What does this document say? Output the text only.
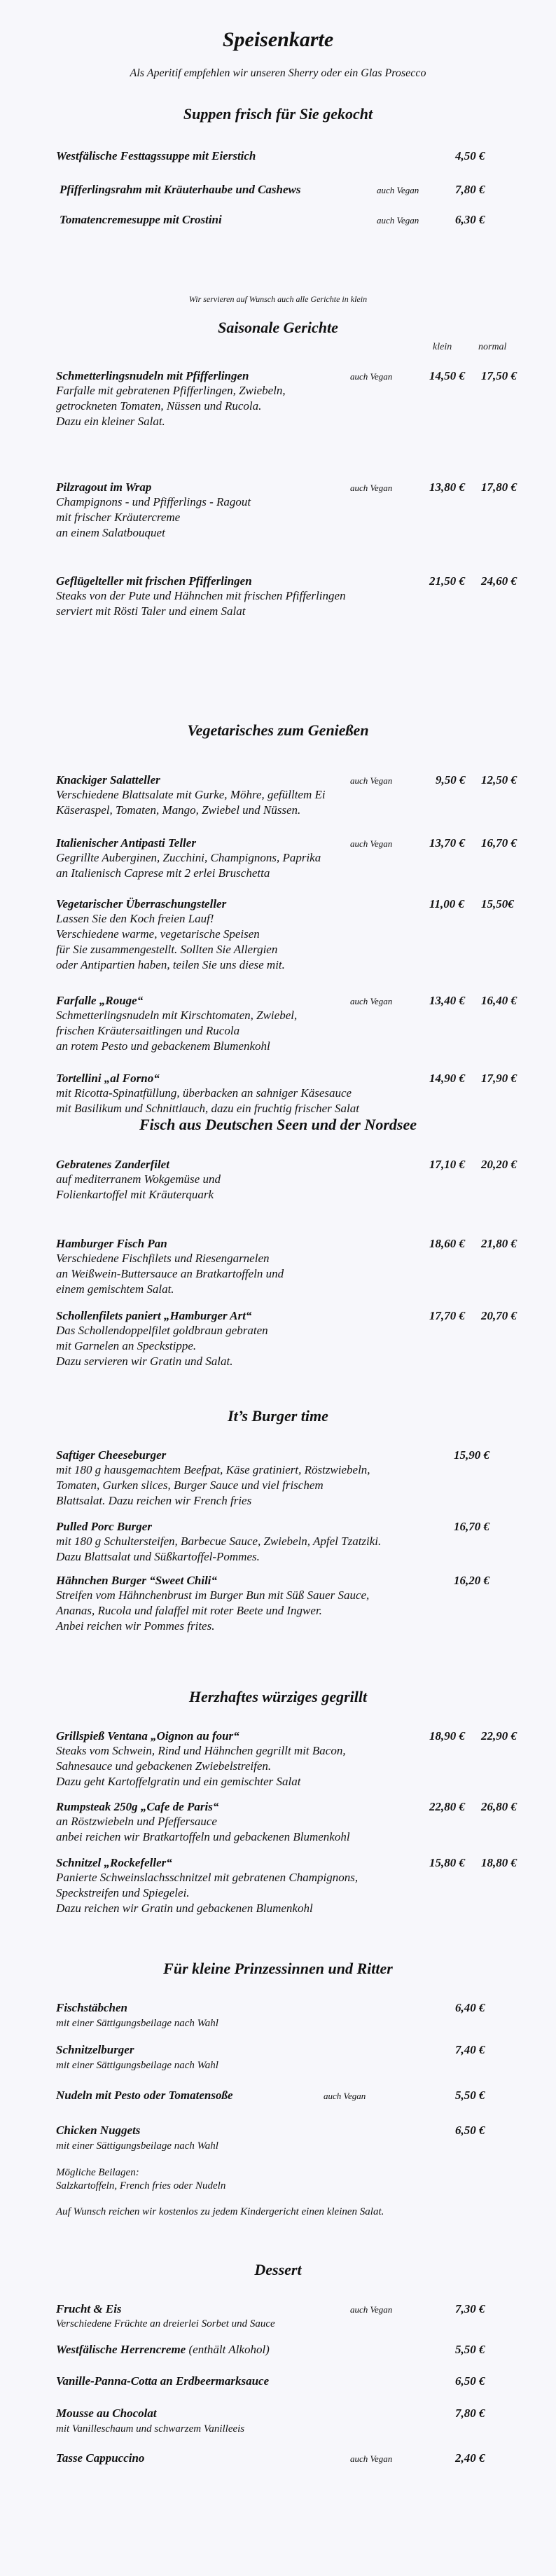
Speisenkarte
Als Aperitif empfehlen wir unseren Sherry oder ein Glas Prosecco
Suppen frisch für Sie gekocht
Westfälische Festtagssuppe mit Eierstich	4,50 €
Pfifferlingsrahm mit Kräuterhaube und Cashews	auch Vegan	7,80 €
Tomatencremesuppe mit Crostini	auch Vegan	6,30 €
Wir servieren auf Wunsch auch alle Gerichte in klein
Saisonale Gerichte
klein	normal
Schmetterlingsnudeln mit Pfifferlingen	auch Vegan	14,50 € 17,50 €
Farfalle mit gebratenen Pfifferlingen, Zwiebeln,
getrockneten Tomaten, Nüssen und Rucola.
Dazu ein kleiner Salat.
Pilzragout im Wrap	auch Vegan	13,80 € 17,80 €
Champignons - und Pfifferlings - Ragout
mit frischer Kräutercreme
an einem Salatbouquet
Geflügelteller mit frischen Pfifferlingen	21,50 € 24,60 €
Steaks von der Pute und Hähnchen mit frischen Pfifferlingen
serviert mit Rösti Taler und einem Salat
Vegetarisches zum Genießen
Knackiger Salatteller	auch Vegan	9,50 € 12,50 €
Verschiedene Blattsalate mit Gurke, Möhre, gefülltem Ei
Käseraspel, Tomaten, Mango, Zwiebel und Nüssen.
Italienischer Antipasti Teller	auch Vegan	13,70 € 16,70 €
Gegrillte Auberginen, Zucchini, Champignons, Paprika
an Italienisch Caprese mit 2 erlei Bruschetta
Vegetarischer Überraschungsteller	11,00 € 15,50€
Lassen Sie den Koch freien Lauf!
Verschiedene warme, vegetarische Speisen
für Sie zusammengestellt. Sollten Sie Allergien
oder Antipartien haben, teilen Sie uns diese mit.
Farfalle „Rouge“	auch Vegan	13,40 € 16,40 €
Schmetterlingsnudeln mit Kirschtomaten, Zwiebel,
frischen Kräutersaitlingen und Rucola
an rotem Pesto und gebackenem Blumenkohl
Tortellini „al Forno“	14,90 € 17,90 €
mit Ricotta-Spinatfüllung, überbacken an sahniger Käsesauce
mit Basilikum und Schnittlauch, dazu ein fruchtig frischer Salat
Fisch aus Deutschen Seen und der Nordsee
Gebratenes Zanderfilet	17,10 € 20,20 €
auf mediterranem Wokgemüse und
Folienkartoffel mit Kräuterquark
Hamburger Fisch Pan	18,60 € 21,80 €
Verschiedene Fischfilets und Riesengarnelen
an Weißwein-Buttersauce an Bratkartoffeln und
einem gemischtem Salat.
Schollenfilets paniert „Hamburger Art“	17,70 € 20,70 €
Das Schollendoppelfilet goldbraun gebraten
mit Garnelen an Speckstippe.
Dazu servieren wir Gratin und Salat.
It’s Burger time
Saftiger Cheeseburger	15,90 €
mit 180 g hausgemachtem Beefpat, Käse gratiniert, Röstzwiebeln,
Tomaten, Gurken slices, Burger Sauce und viel frischem
Blattsalat. Dazu reichen wir French fries
Pulled Porc Burger	16,70 €
mit 180 g Schultersteifen, Barbecue Sauce, Zwiebeln, Apfel Tzatziki.
Dazu Blattsalat und Süßkartoffel-Pommes.
Hähnchen Burger “Sweet Chili“	16,20 €
Streifen vom Hähnchenbrust im Burger Bun mit Süß Sauer Sauce,
Ananas, Rucola und falaffel mit roter Beete und Ingwer.
Anbei reichen wir Pommes frites.
Herzhaftes würziges gegrillt
Grillspieß Ventana „Oignon au four“	18,90 € 22,90 €
Steaks vom Schwein, Rind und Hähnchen gegrillt mit Bacon,
Sahnesauce und gebackenen Zwiebelstreifen.
Dazu geht Kartoffelgratin und ein gemischter Salat
Rumpsteak 250g „Cafe de Paris“	22,80 € 26,80 €
an Röstzwiebeln und Pfeffersauce
anbei reichen wir Bratkartoffeln und gebackenen Blumenkohl
Schnitzel „Rockefeller“	15,80 € 18,80 €
Panierte Schweinslachsschnitzel mit gebratenen Champignons,
Speckstreifen und Spiegelei.
Dazu reichen wir Gratin und gebackenen Blumenkohl
Für kleine Prinzessinnen und Ritter
Fischstäbchen	6,40 €
mit einer Sättigungsbeilage nach Wahl
Schnitzelburger	7,40 €
mit einer Sättigungsbeilage nach Wahl
Nudeln mit Pesto oder Tomatensoße	auch Vegan	5,50 €
Chicken Nuggets	6,50 €
mit einer Sättigungsbeilage nach Wahl
Mögliche Beilagen:
Salzkartoffeln, French fries oder Nudeln
Auf Wunsch reichen wir kostenlos zu jedem Kindergericht einen kleinen Salat.
Dessert
Frucht & Eis	auch Vegan	7,30 €
Verschiedene Früchte an dreierlei Sorbet und Sauce
Westfälische Herrencreme (enthält Alkohol)	5,50 €
Vanille-Panna-Cotta an Erdbeermarksauce	6,50 €
Mousse au Chocolat	7,80 €
mit Vanilleschaum und schwarzem Vanilleeis
Tasse Cappuccino	auch Vegan	2,40 €
